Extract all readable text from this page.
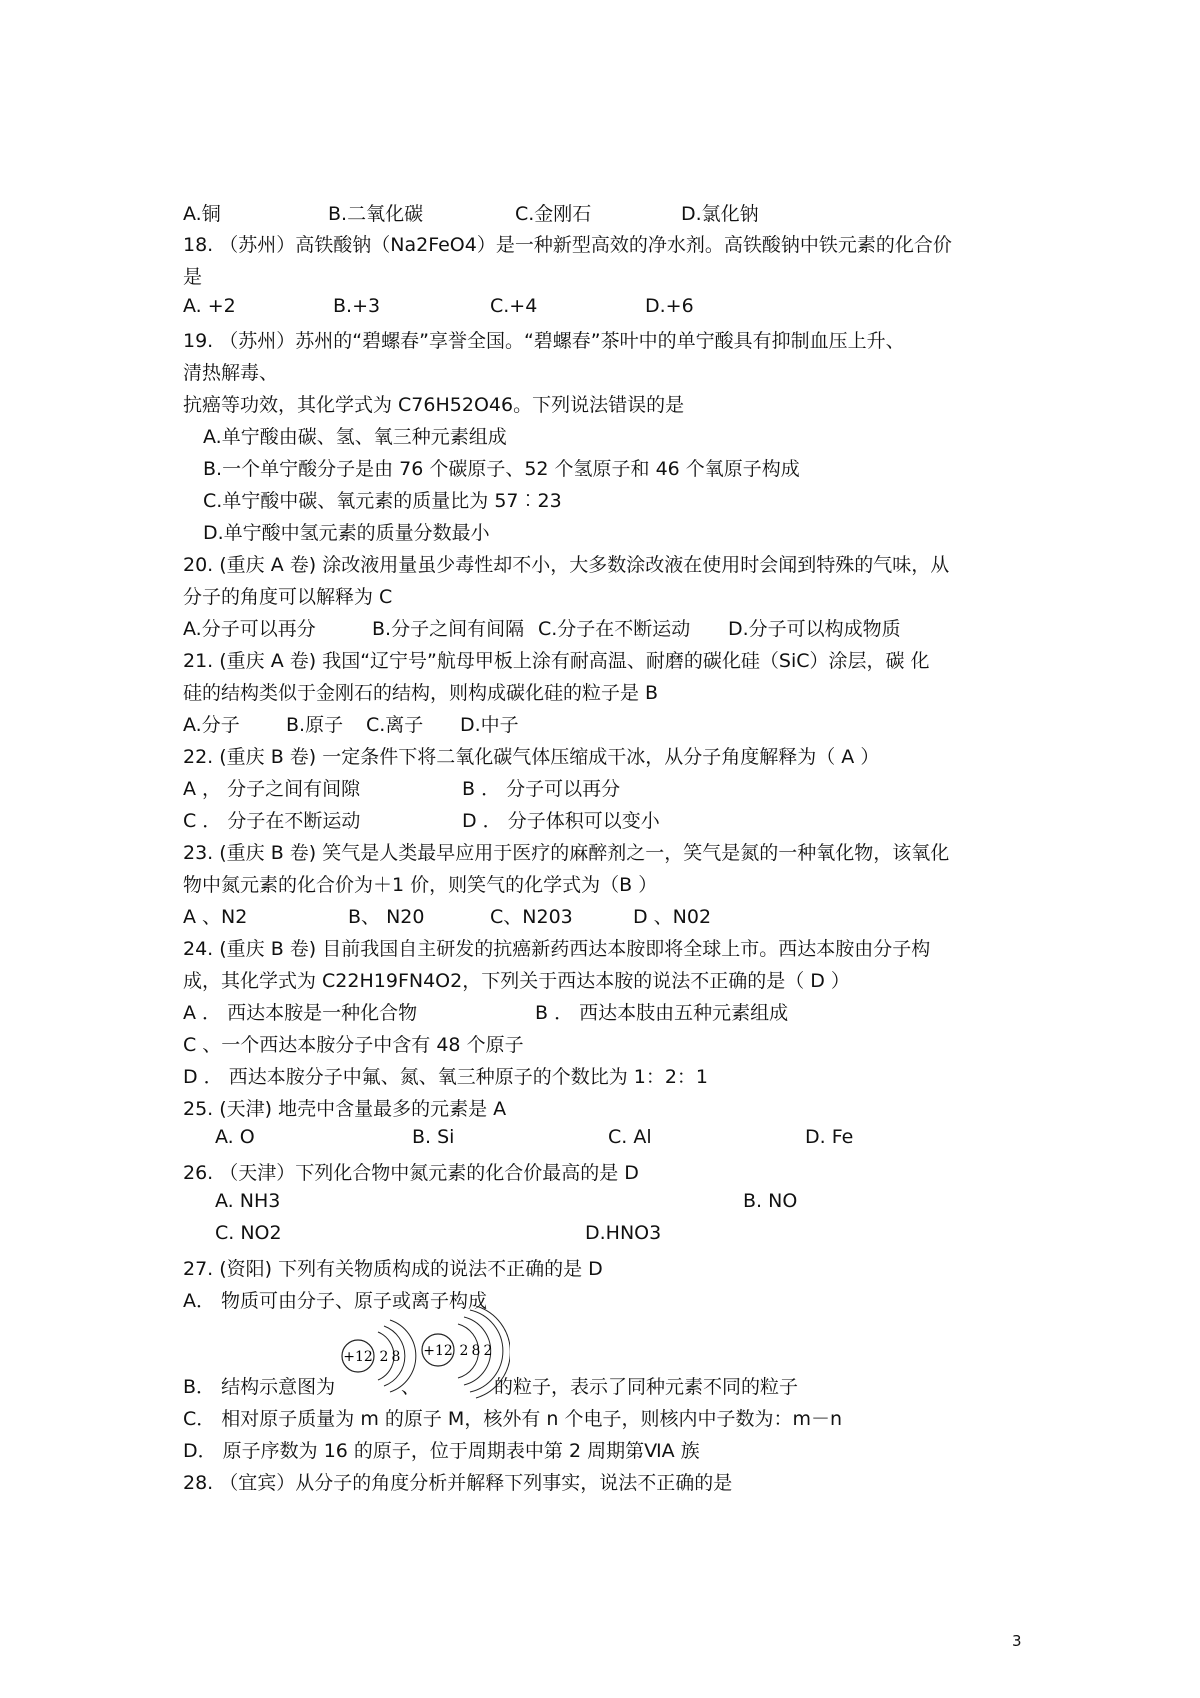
A.铜	B.二氧化碳	C.金刚石	D.氯化钠
18. （苏州）高铁酸钠（Na2FeO4）是一种新型高效的净水剂。高铁酸钠中铁元素的化合价
是
A. +2	B.+3	C.+4	D.+6
19. （苏州）苏州的“碧螺春”享誉全国。“碧螺春”茶叶中的单宁酸具有抑制血压上升、
清热解毒、
抗癌等功效，其化学式为 C76H52O46。下列说法错误的是
A.单宁酸由碳、氢、氧三种元素组成
B.一个单宁酸分子是由 76 个碳原子、52 个氢原子和 46 个氧原子构成
C.单宁酸中碳、氧元素的质量比为 57︰23
D.单宁酸中氢元素的质量分数最小
20. (重庆 A 卷) 涂改液用量虽少毒性却不小，大多数涂改液在使用时会闻到特殊的气味，从
分子的角度可以解释为 C
A.分子可以再分	B.分子之间有间隔 C.分子在不断运动 D.分子可以构成物质
21. (重庆 A 卷) 我国“辽宁号”航母甲板上涂有耐高温、耐磨的碳化硅（SiC）涂层，碳 化
硅的结构类似于金刚石的结构，则构成碳化硅的粒子是 B
A.分子 B.原子 C.离子 D.中子
22. (重庆 B 卷) 一定条件下将二氧化碳气体压缩成干冰，从分子角度解释为（ A ）
A ， 分子之间有间隙	B ． 分子可以再分
C ． 分子在不断运动	D ． 分子体积可以变小
23. (重庆 B 卷) 笑气是人类最早应用于医疗的麻醉剂之一，笑气是氮的一种氧化物，该氧化
物中氮元素的化合价为＋1 价，则笑气的化学式为（B ）
A 、N2	B、 N20	C、N203	D 、N02
24. (重庆 B 卷) 目前我国自主研发的抗癌新药西达本胺即将全球上市。西达本胺由分子构
成，其化学式为 C22H19FN4O2，下列关于西达本胺的说法不正确的是（ D ）
A ． 西达本胺是一种化合物	B ． 西达本肢由五种元素组成
C 、一个西达本胺分子中含有 48 个原子
D ． 西达本胺分子中氟、氮、氧三种原子的个数比为 1：2：1
25. (天津) 地壳中含量最多的元素是 A
A. O	B. Si	C. Al	D. Fe
26. （天津）下列化合物中氮元素的化合价最高的是 D
A. NH3	B. NO
C. NO2	D.HNO3
27. (资阳) 下列有关物质构成的说法不正确的是 D
A． 物质可由分子、原子或离子构成
+12 2 8 +12 2 8 2
B． 结构示意图为	、	的粒子，表示了同种元素不同的粒子
C． 相对原子质量为 m 的原子 M，核外有 n 个电子，则核内中子数为：m－n
D． 原子序数为 16 的原子，位于周期表中第 2 周期第ⅥA 族
28. （宜宾）从分子的角度分析并解释下列事实，说法不正确的是
3
